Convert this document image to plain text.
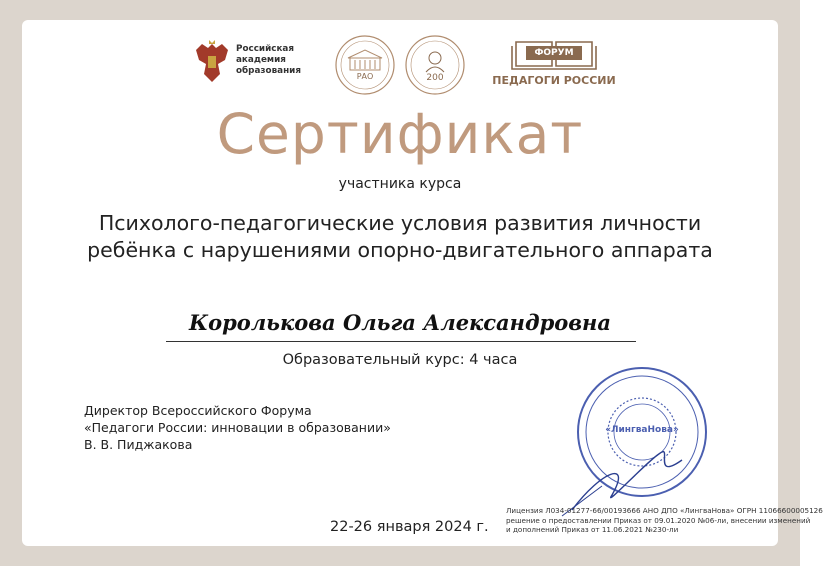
Российская
академия
образования
РАО	200
ФОРУМ
ПЕДАГОГИ РОССИИ
Сертификат
участника курса
Психолого-педагогические условия развития личности
ребёнка с нарушениями опорно-двигательного аппарата
Королькова Ольга Александровна
Образовательный курс: 4 часа
Директор Всероссийского Форума
«Педагоги России: инновации в образовании»
В. В. Пиджакова
«ЛингваНова»
22-26 января 2024 г.
Лицензия Л034-01277-66/00193666 АНО ДПО «ЛингваНова» ОГРН 11066600005126
решение о предоставлении Приказ от 09.01.2020 №06-ли, внесении изменений
и дополнений Приказ от 11.06.2021 №230-ли
